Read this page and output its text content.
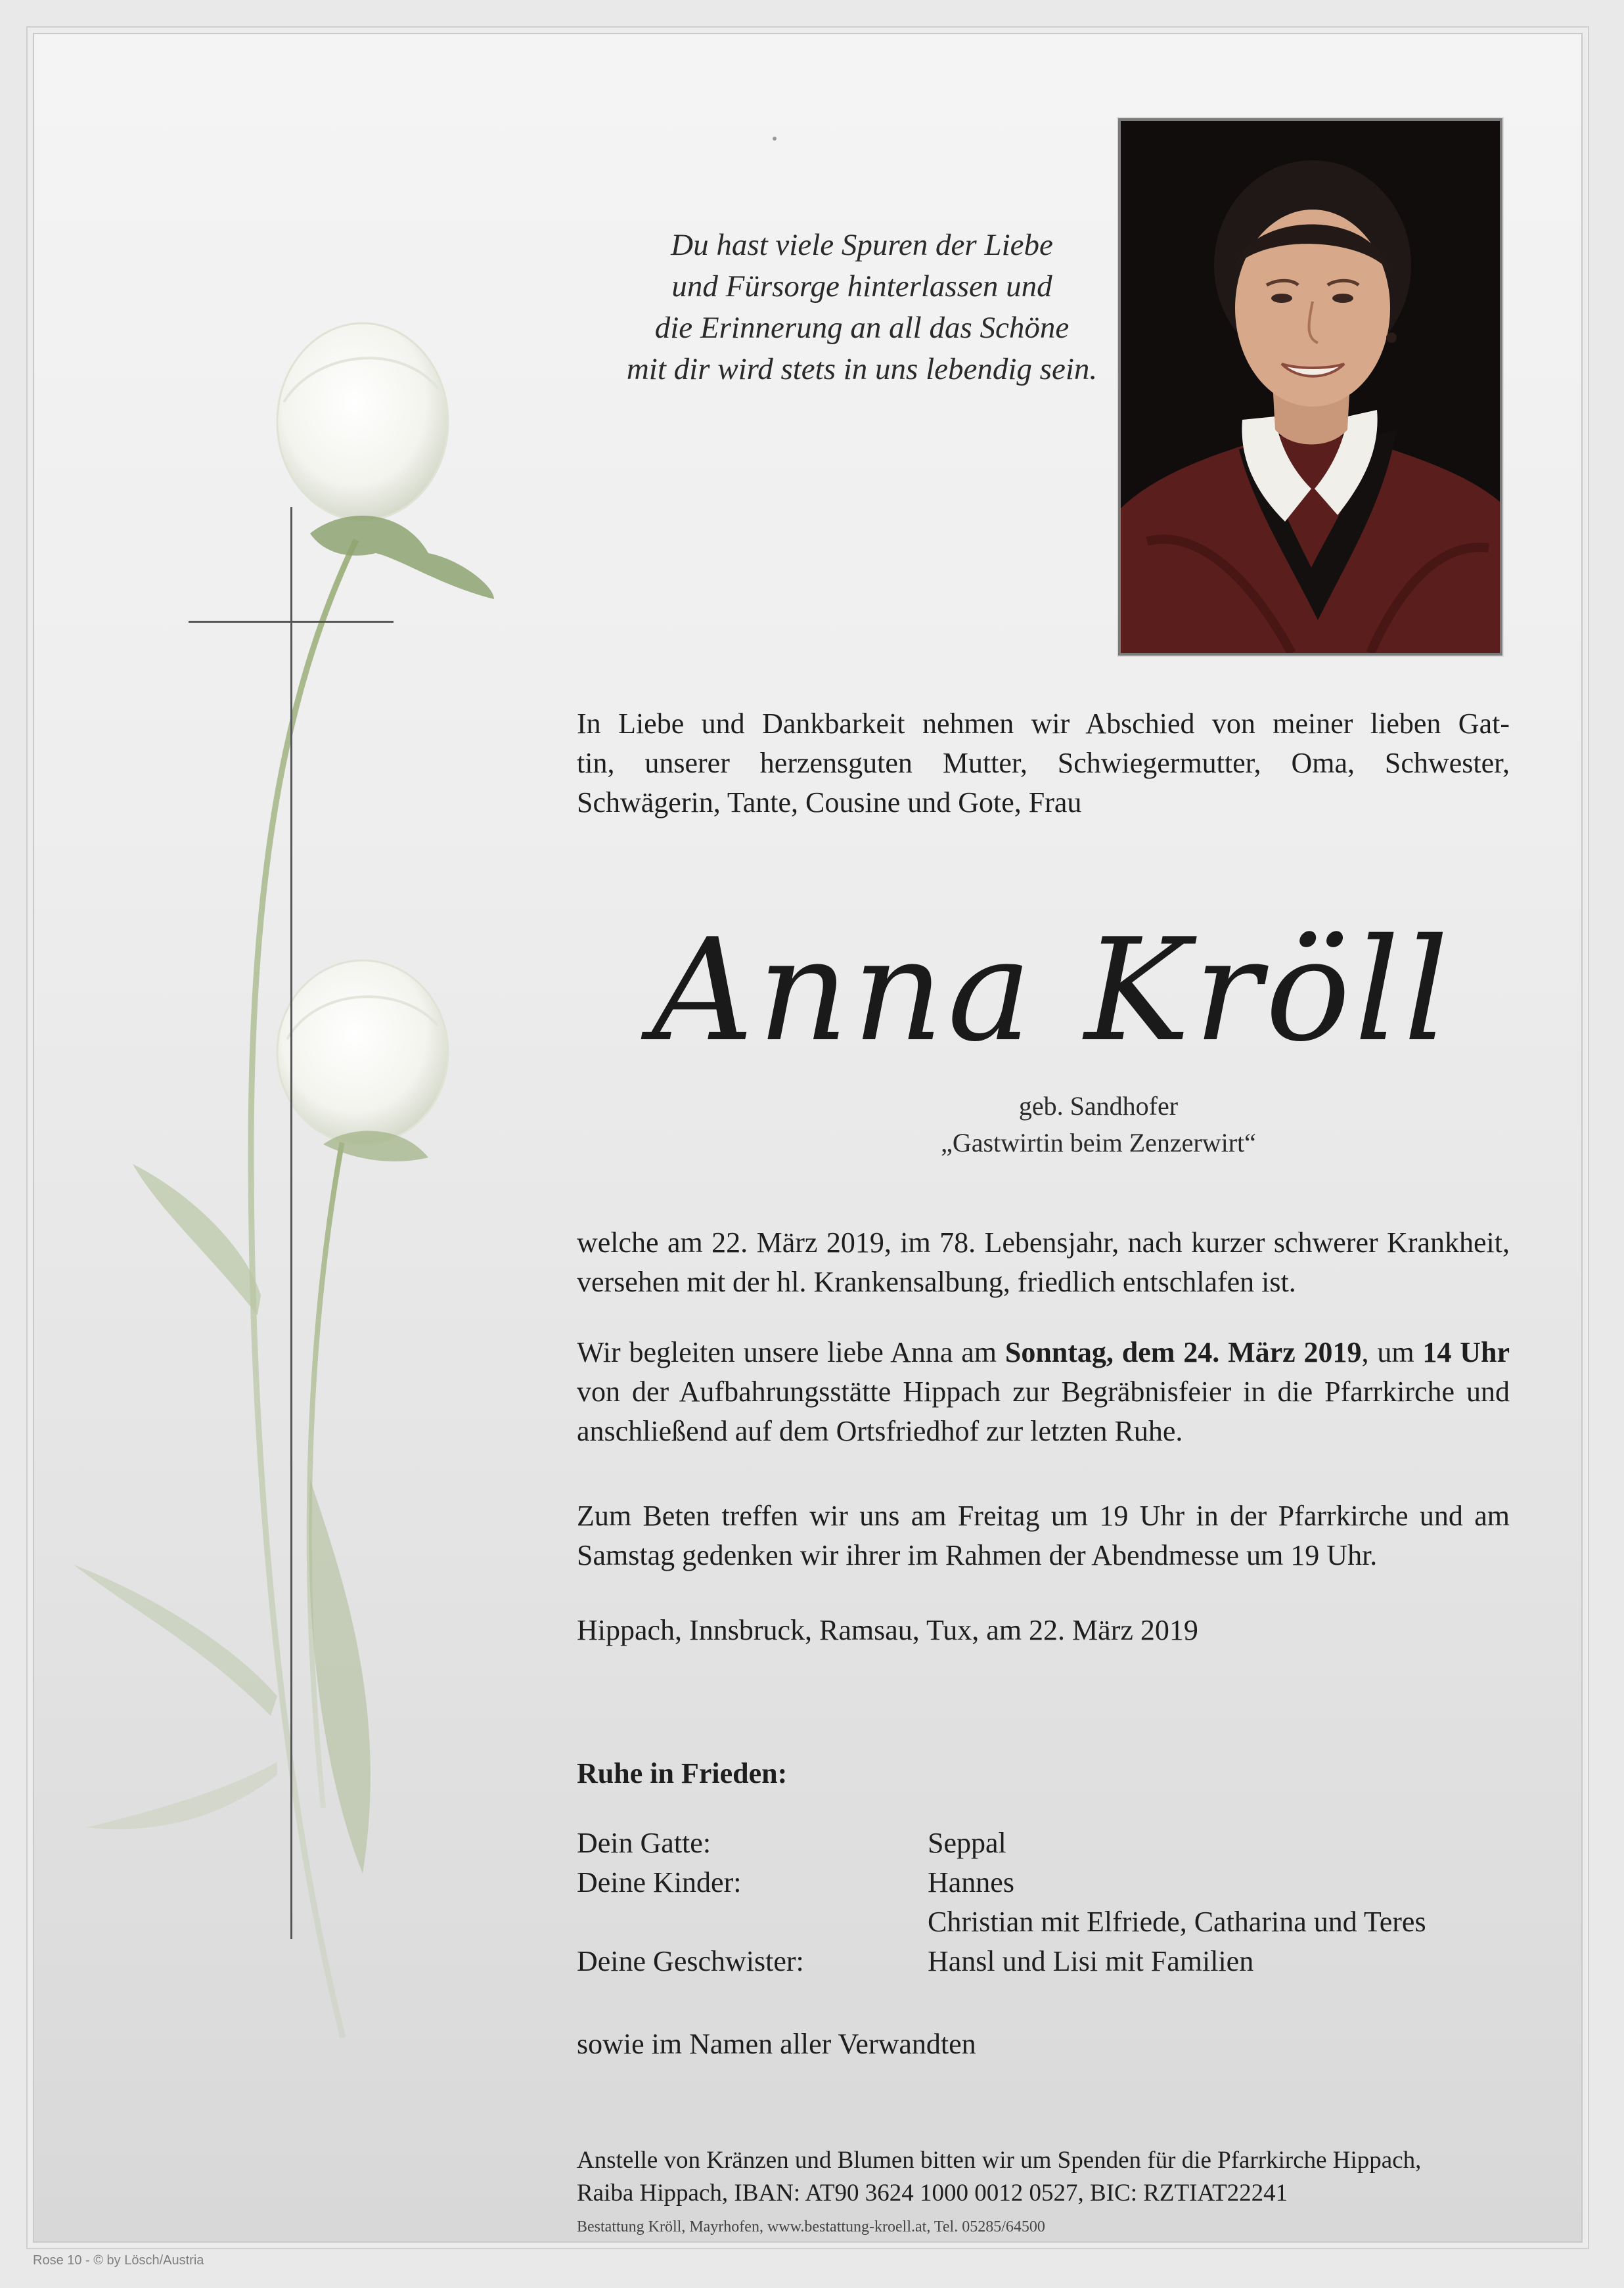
Du hast viele Spuren der Liebe
und Fürsorge hinterlassen und
die Erinnerung an all das Schöne
mit dir wird stets in uns lebendig sein.
In Liebe und Dankbarkeit nehmen wir Abschied von meiner lieben Gat-
tin, unserer herzensguten Mutter, Schwiegermutter, Oma, Schwester,
Schwägerin, Tante, Cousine und Gote, Frau
Anna Kröll
geb. Sandhofer
„Gastwirtin beim Zenzerwirt“
welche am 22. März 2019, im 78. Lebensjahr, nach kurzer schwerer Krankheit, versehen mit der hl. Krankensalbung, friedlich entschlafen ist.
Wir begleiten unsere liebe Anna am Sonntag, dem 24. März 2019, um 14 Uhr von der Aufbahrungsstätte Hippach zur Begräbnisfeier in die Pfarrkirche und anschließend auf dem Ortsfriedhof zur letzten Ruhe.
Zum Beten treffen wir uns am Freitag um 19 Uhr in der Pfarrkirche und am Samstag gedenken wir ihrer im Rahmen der Abendmesse um 19 Uhr.
Hippach, Innsbruck, Ramsau, Tux, am 22. März 2019
Ruhe in Frieden:
Dein Gatte:	Seppal
Deine Kinder:	Hannes
Christian mit Elfriede, Catharina und Teres
Deine Geschwister:	Hansl und Lisi mit Familien
sowie im Namen aller Verwandten
Anstelle von Kränzen und Blumen bitten wir um Spenden für die Pfarrkirche Hippach,
Raiba Hippach, IBAN: AT90 3624 1000 0012 0527, BIC: RZTIAT22241
Bestattung Kröll, Mayrhofen, www.bestattung-kroell.at, Tel. 05285/64500
Rose 10 - © by Lösch/Austria
